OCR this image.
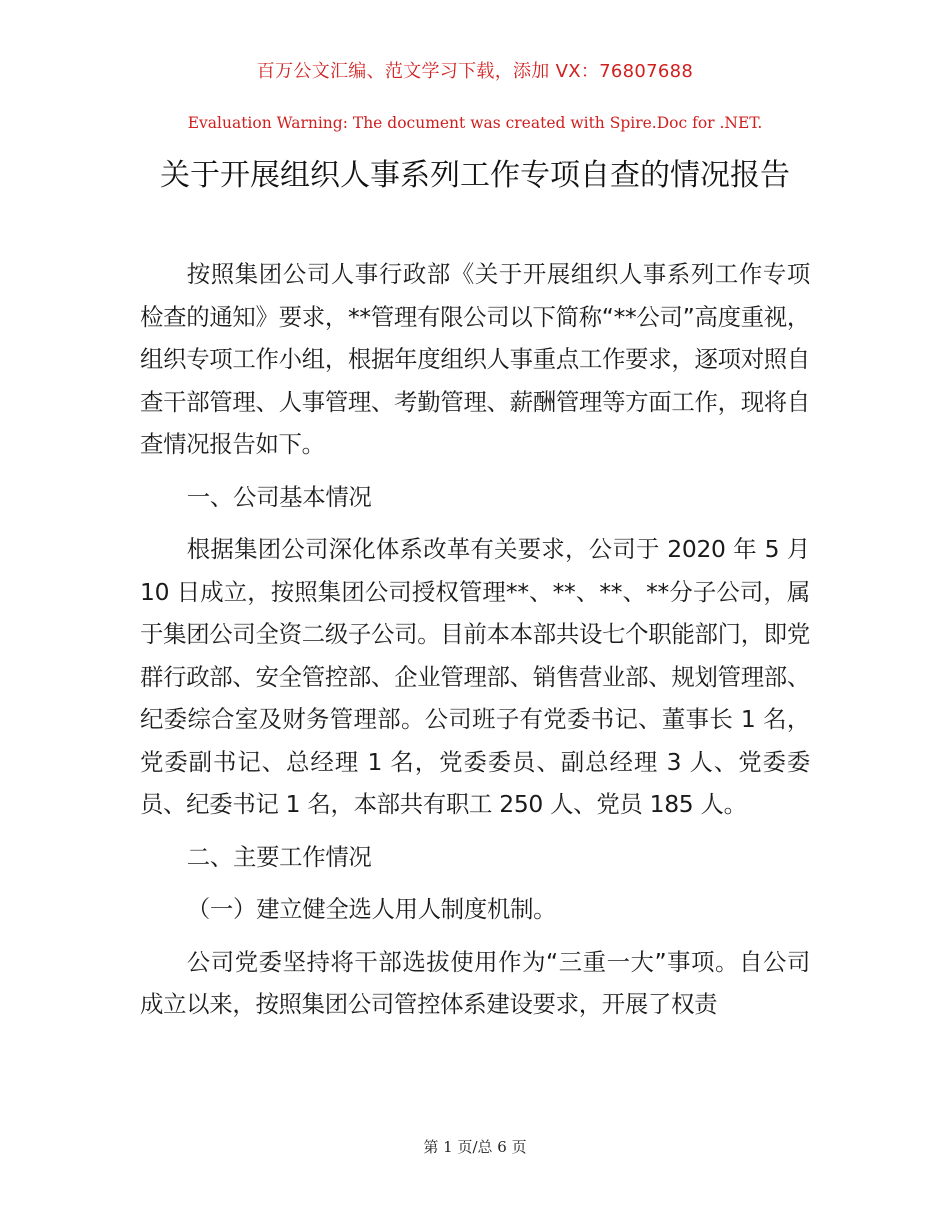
百万公文汇编、范文学习下载，添加 VX：76807688
Evaluation Warning: The document was created with Spire.Doc for .NET.
关于开展组织人事系列工作专项自查的情况报告

按照集团公司人事行政部《关于开展组织人事系列工作专项检查的通知》要求，**管理有限公司以下简称“**公司”高度重视，组织专项工作小组，根据年度组织人事重点工作要求，逐项对照自查干部管理、人事管理、考勤管理、薪酬管理等方面工作，现将自查情况报告如下。

一、公司基本情况

根据集团公司深化体系改革有关要求，公司于 2020 年 5 月 10 日成立，按照集团公司授权管理**、**、**、**分子公司，属于集团公司全资二级子公司。目前本本部共设七个职能部门，即党群行政部、安全管控部、企业管理部、销售营业部、规划管理部、纪委综合室及财务管理部。公司班子有党委书记、董事长 1 名，党委副书记、总经理 1 名，党委委员、副总经理 3 人、党委委员、纪委书记 1 名，本部共有职工 250 人、党员 185 人。

二、主要工作情况

（一）建立健全选人用人制度机制。

公司党委坚持将干部选拔使用作为“三重一大”事项。自公司成立以来，按照集团公司管控体系建设要求，开展了权责

第 1 页/总 6 页
